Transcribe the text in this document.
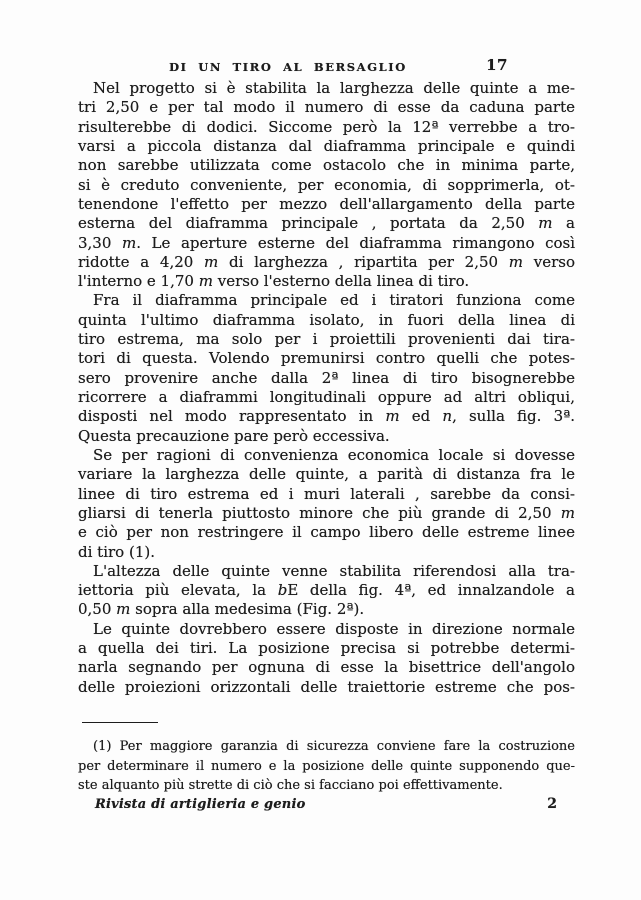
DI UN TIRO AL BERSAGLIO	17
Nel progetto si è stabilita la larghezza delle quinte a me-
tri 2,50 e per tal modo il numero di esse da caduna parte
risulterebbe di dodici. Siccome però la 12ª verrebbe a tro-
varsi a piccola distanza dal diaframma principale e quindi
non sarebbe utilizzata come ostacolo che in minima parte,
si è creduto conveniente, per economia, di sopprimerla, ot-
tenendone l'effetto per mezzo dell'allargamento della parte
esterna del diaframma principale , portata da 2,50 m a
3,30 m. Le aperture esterne del diaframma rimangono così
ridotte a 4,20 m di larghezza , ripartita per 2,50 m verso
l'interno e 1,70 m verso l'esterno della linea di tiro.
Fra il diaframma principale ed i tiratori funziona come
quinta l'ultimo diaframma isolato, in fuori della linea di
tiro estrema, ma solo per i proiettili provenienti dai tira-
tori di questa. Volendo premunirsi contro quelli che potes-
sero provenire anche dalla 2ª linea di tiro bisognerebbe
ricorrere a diaframmi longitudinali oppure ad altri obliqui,
disposti nel modo rappresentato in m ed n, sulla fig. 3ª.
Questa precauzione pare però eccessiva.
Se per ragioni di convenienza economica locale si dovesse
variare la larghezza delle quinte, a parità di distanza fra le
linee di tiro estrema ed i muri laterali , sarebbe da consi-
gliarsi di tenerla piuttosto minore che più grande di 2,50 m
e ciò per non restringere il campo libero delle estreme linee
di tiro (1).
L'altezza delle quinte venne stabilita riferendosi alla tra-
iettoria più elevata, la bE della fig. 4ª, ed innalzandole a
0,50 m sopra alla medesima (Fig. 2ª).
Le quinte dovrebbero essere disposte in direzione normale
a quella dei tiri. La posizione precisa si potrebbe determi-
narla segnando per ognuna di esse la bisettrice dell'angolo
delle proiezioni orizzontali delle traiettorie estreme che pos-
(1) Per maggiore garanzia di sicurezza conviene fare la costruzione
per determinare il numero e la posizione delle quinte supponendo que-
ste alquanto più strette di ciò che si facciano poi effettivamente.
Rivista di artiglieria e genio	2
